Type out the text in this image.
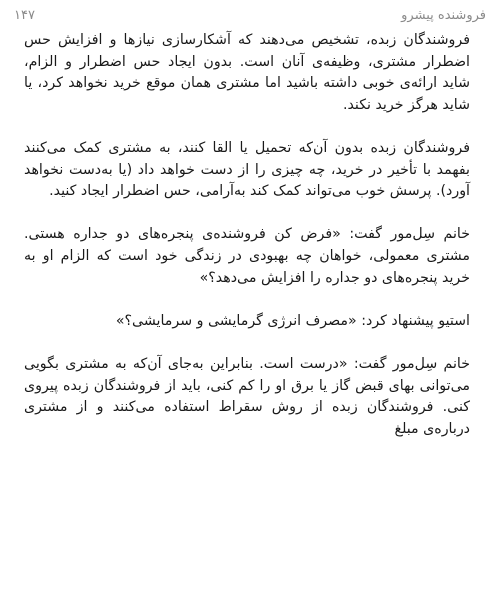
فروشنده پیشرو
۱۴۷

فروشندگان زبده، تشخیص می‌دهند که آشکارسازی نیازها و افزایش حس اضطرار مشتری، وظیفه‌ی آنان است. بدون ایجاد حس اضطرار و الزام، شاید ارائه‌ی خوبی داشته باشید اما مشتری همان موقع خرید نخواهد کرد، یا شاید هرگز خرید نکند.

فروشندگان زبده بدون آن‌که تحمیل یا القا کنند، به مشتری کمک می‌کنند بفهمد با تأخیر در خرید، چه چیزی را از دست خواهد داد (یا به‌دست نخواهد آورد). پرسش خوب می‌تواند کمک کند به‌آرامی، حس اضطرار ایجاد کنید.

خانم سِل‌مور گفت: «فرض کن فروشنده‌ی پنجره‌های دو جداره هستی. مشتری معمولی، خواهان چه بهبودی در زندگی خود است که الزام او به خرید پنجره‌های دو جداره را افزایش می‌دهد؟»

استیو پیشنهاد کرد: «مصرف انرژی گرمایشی و سرمایشی؟»

خانم سِل‌مور گفت: «درست است. بنابراین به‌جای آن‌که به مشتری بگویی می‌توانی بهای قبض گاز یا برق او را کم کنی، باید از فروشندگان زبده پیروی کنی. فروشندگان زبده از روش سقراط استفاده می‌کنند و از مشتری درباره‌ی مبلغ
